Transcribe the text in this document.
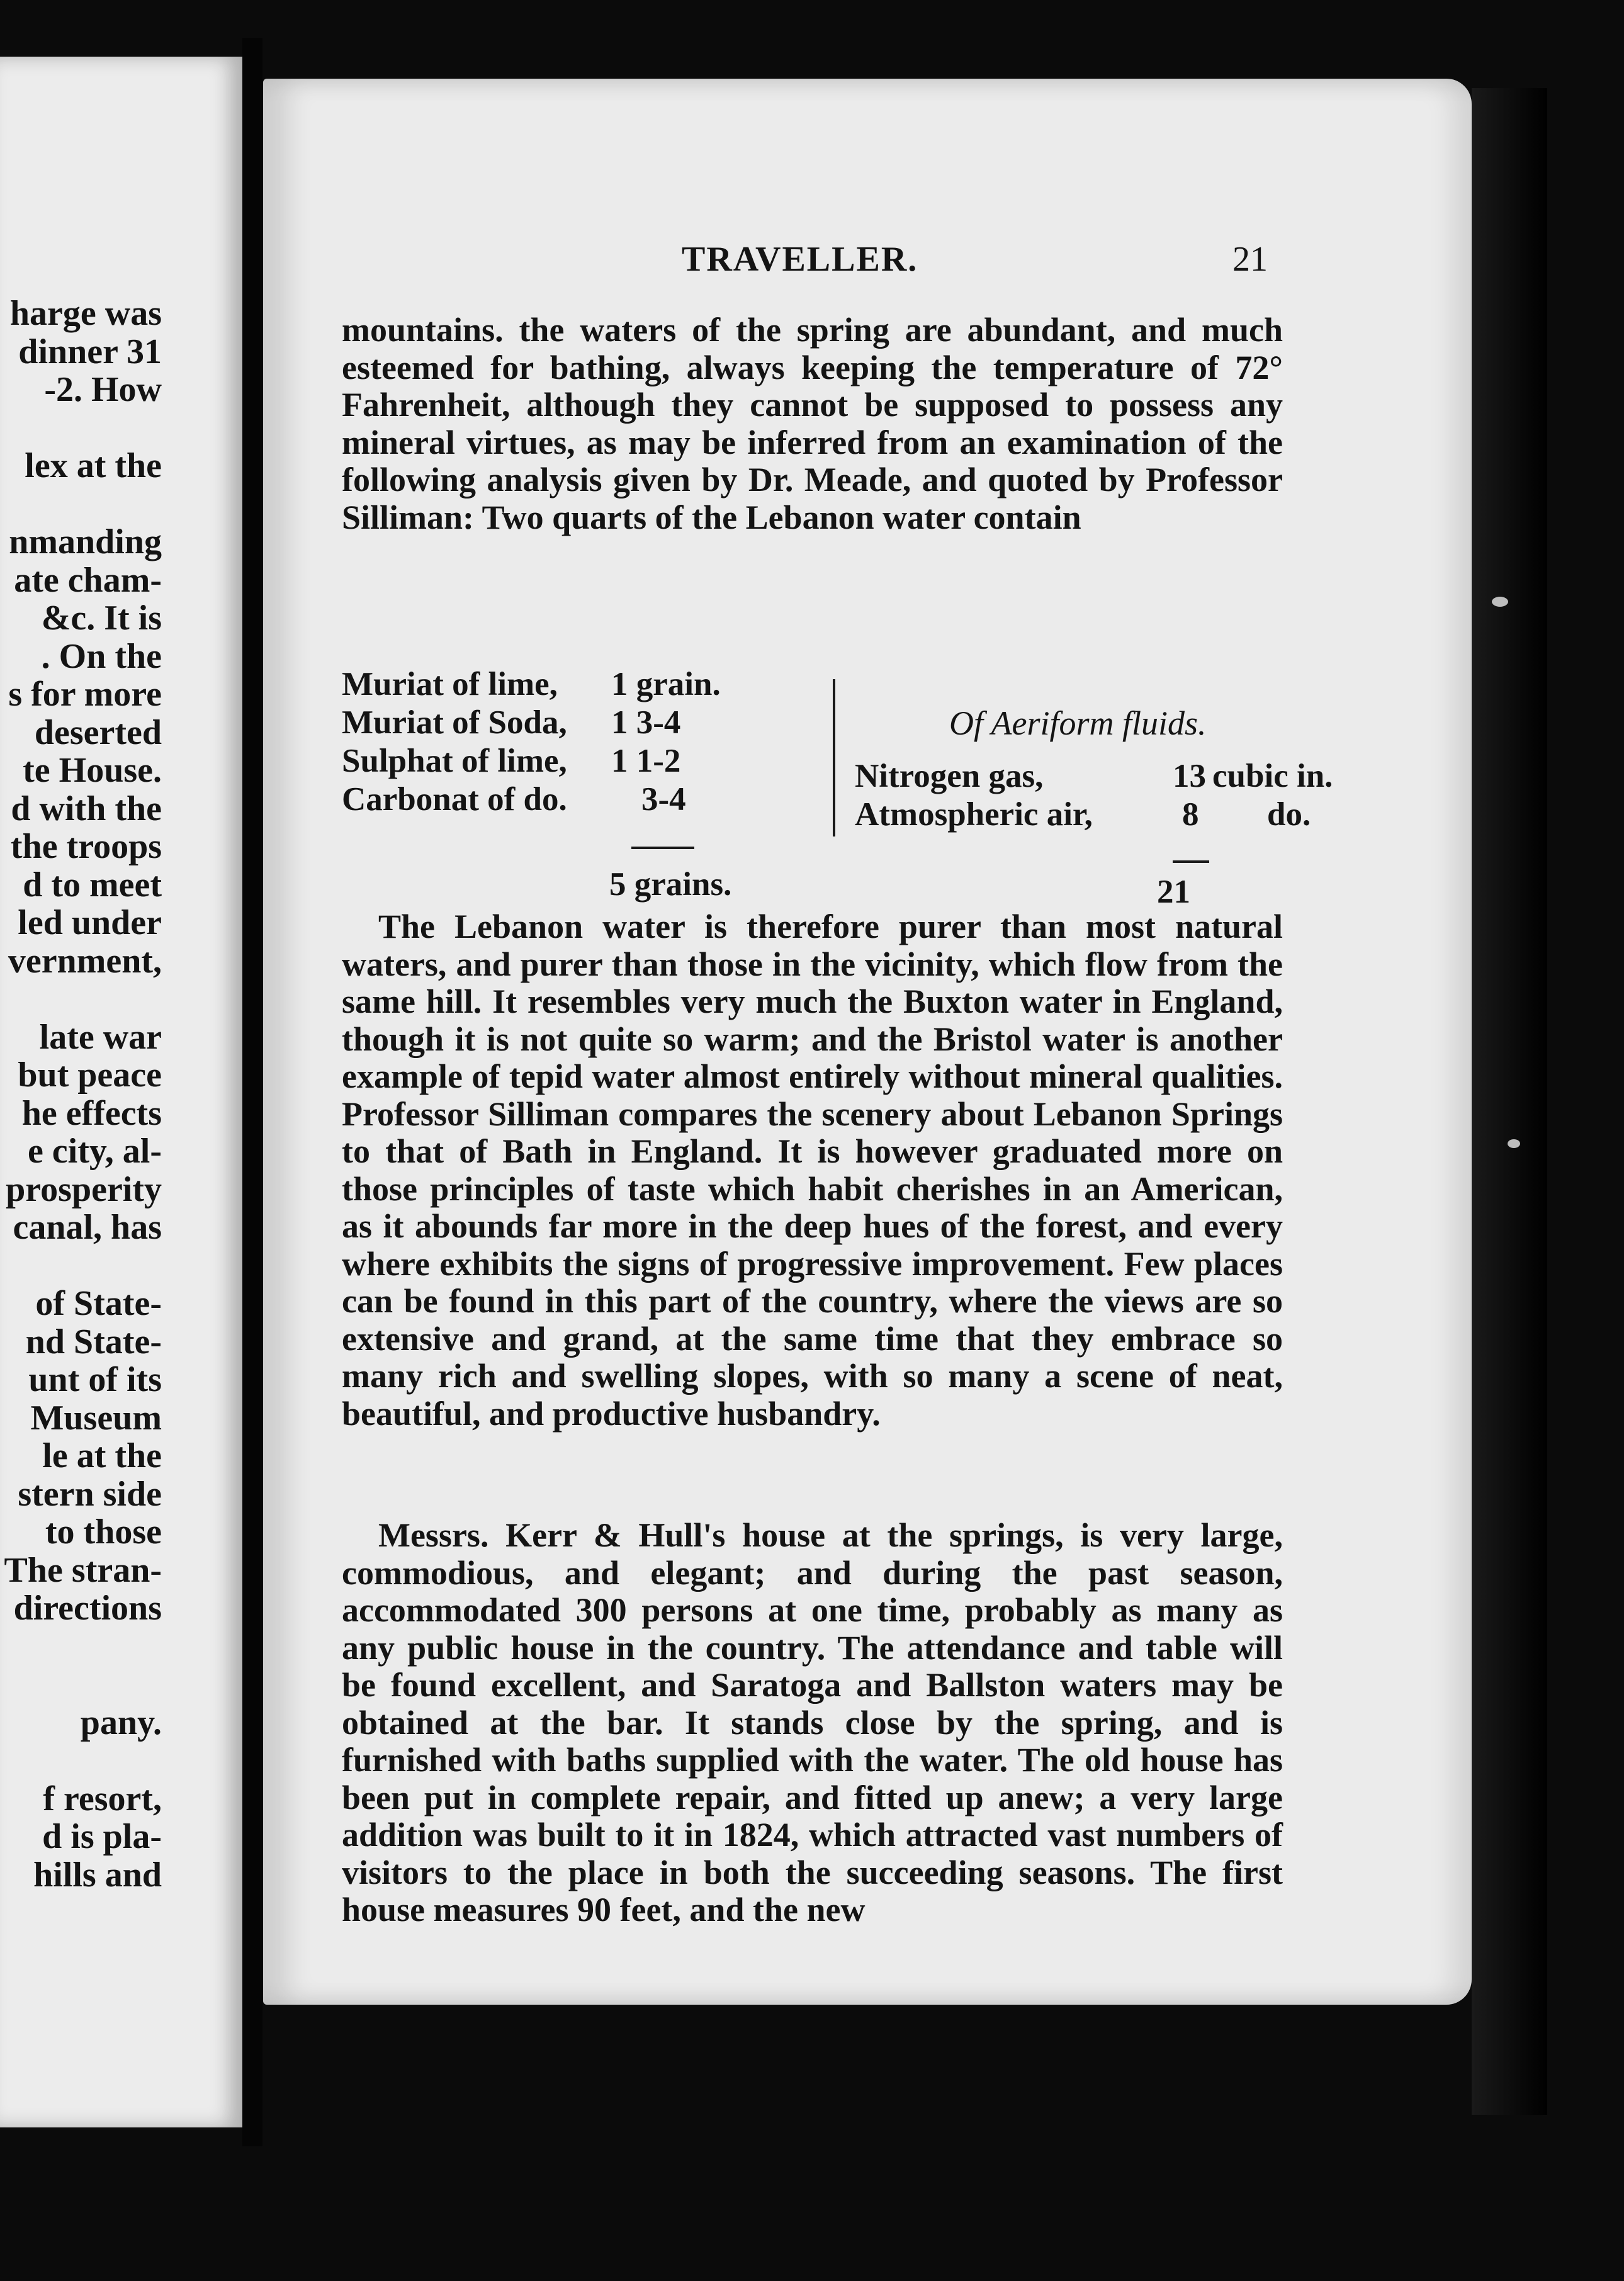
harge was
dinner 31
-2. How
lex at the
nmanding
ate cham-
&c. It is
. On the
s for more
deserted
te House.
d with the
the troops
d to meet
led under
vernment,
late war
but peace
he effects
e city, al-
prosperity
canal, has
of State-
nd State-
unt of its
Museum
le at the
stern side
to those
The stran-
directions
pany.
f resort,
d is pla-
hills and
TRAVELLER.	21

mountains. the waters of the spring are abundant, and much esteemed for bathing, always keeping the temperature of 72° Fahrenheit, although they cannot be supposed to possess any mineral virtues, as may be inferred from an examination of the following analysis given by Dr. Meade, and quoted by Professor Silliman: Two quarts of the Lebanon water contain

Muriat of lime, 1 grain.
Muriat of Soda, 1 3-4
Sulphat of lime, 1 1-2
Carbonat of do. 3-4
Of Aeriform fluids.
Nitrogen gas,	13 cubic in.
Atmospheric air,	8 do.
5 grains.	21

The Lebanon water is therefore purer than most natural waters, and purer than those in the vicinity, which flow from the same hill. It resembles very much the Buxton water in England, though it is not quite so warm; and the Bristol water is another example of tepid water almost entirely without mineral qualities. Professor Silliman compares the scenery about Lebanon Springs to that of Bath in England. It is however graduated more on those principles of taste which habit cherishes in an American, as it abounds far more in the deep hues of the forest, and every where exhibits the signs of progressive improvement. Few places can be found in this part of the country, where the views are so extensive and grand, at the same time that they embrace so many rich and swelling slopes, with so many a scene of neat, beautiful, and productive husbandry.

Messrs. Kerr & Hull's house at the springs, is very large, commodious, and elegant; and during the past season, accommodated 300 persons at one time, probably as many as any public house in the country. The attendance and table will be found excellent, and Saratoga and Ballston waters may be obtained at the bar. It stands close by the spring, and is furnished with baths supplied with the water. The old house has been put in complete repair, and fitted up anew; a very large addition was built to it in 1824, which attracted vast numbers of visitors to the place in both the succeeding seasons. The first house measures 90 feet, and the new
